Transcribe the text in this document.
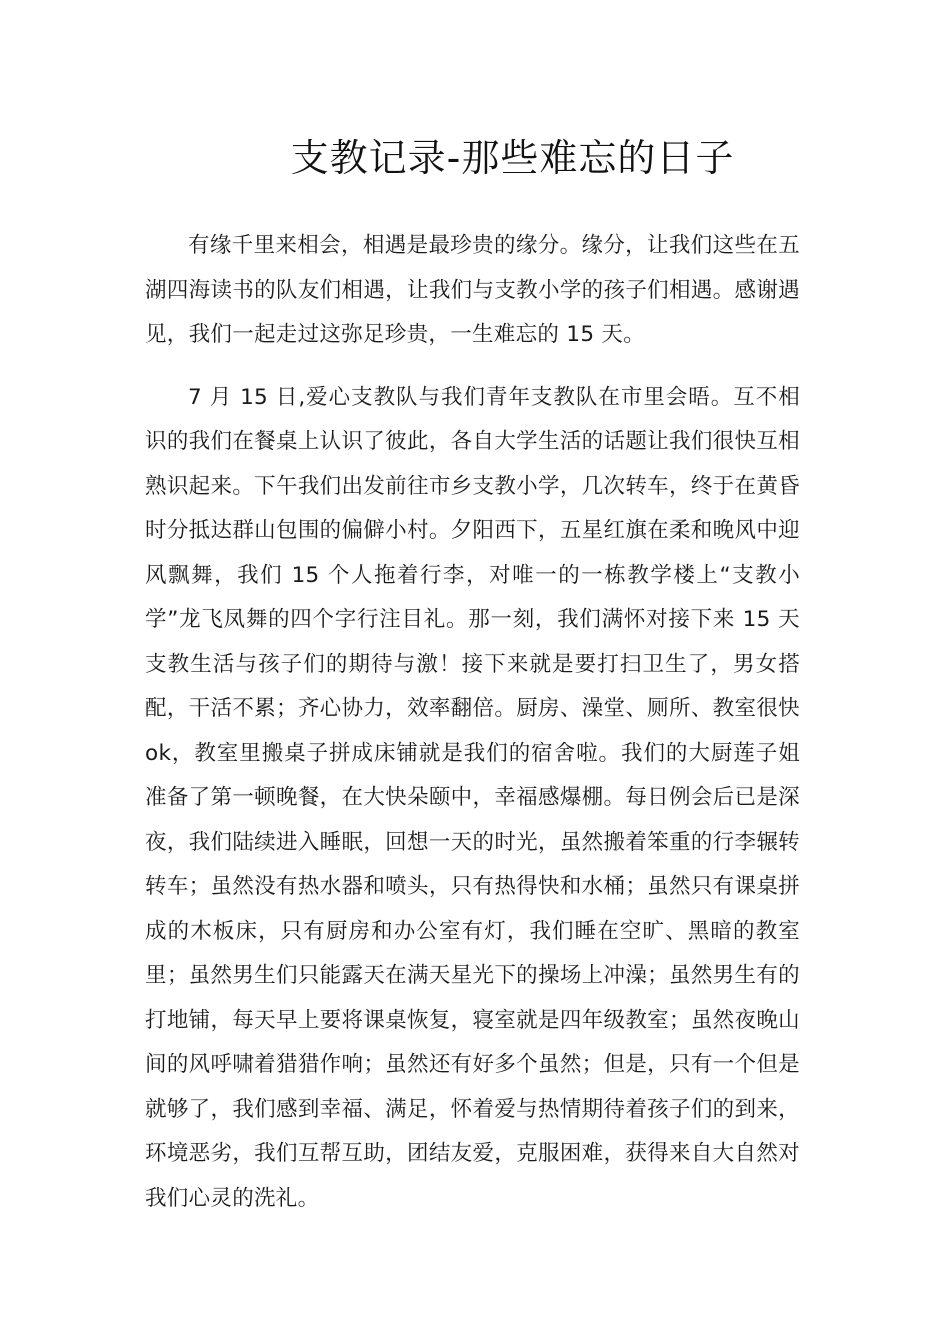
支教记录-那些难忘的日子

有缘千里来相会，相遇是最珍贵的缘分。缘分，让我们这些在五湖四海读书的队友们相遇，让我们与支教小学的孩子们相遇。感谢遇见，我们一起走过这弥足珍贵，一生难忘的 15 天。

7 月 15 日,爱心支教队与我们青年支教队在市里会晤。互不相识的我们在餐桌上认识了彼此，各自大学生活的话题让我们很快互相熟识起来。下午我们出发前往市乡支教小学，几次转车，终于在黄昏时分抵达群山包围的偏僻小村。夕阳西下，五星红旗在柔和晚风中迎风飘舞，我们 15 个人拖着行李，对唯一的一栋教学楼上“支教小学”龙飞凤舞的四个字行注目礼。那一刻，我们满怀对接下来 15 天支教生活与孩子们的期待与激！接下来就是要打扫卫生了，男女搭配，干活不累；齐心协力，效率翻倍。厨房、澡堂、厕所、教室很快 ok，教室里搬桌子拼成床铺就是我们的宿舍啦。我们的大厨莲子姐准备了第一顿晚餐，在大快朵颐中，幸福感爆棚。每日例会后已是深夜，我们陆续进入睡眠，回想一天的时光，虽然搬着笨重的行李辗转转车；虽然没有热水器和喷头，只有热得快和水桶；虽然只有课桌拼成的木板床，只有厨房和办公室有灯，我们睡在空旷、黑暗的教室里；虽然男生们只能露天在满天星光下的操场上冲澡；虽然男生有的打地铺，每天早上要将课桌恢复，寝室就是四年级教室；虽然夜晚山间的风呼啸着猎猎作响；虽然还有好多个虽然；但是，只有一个但是就够了，我们感到幸福、满足，怀着爱与热情期待着孩子们的到来，环境恶劣，我们互帮互助，团结友爱，克服困难，获得来自大自然对我们心灵的洗礼。
